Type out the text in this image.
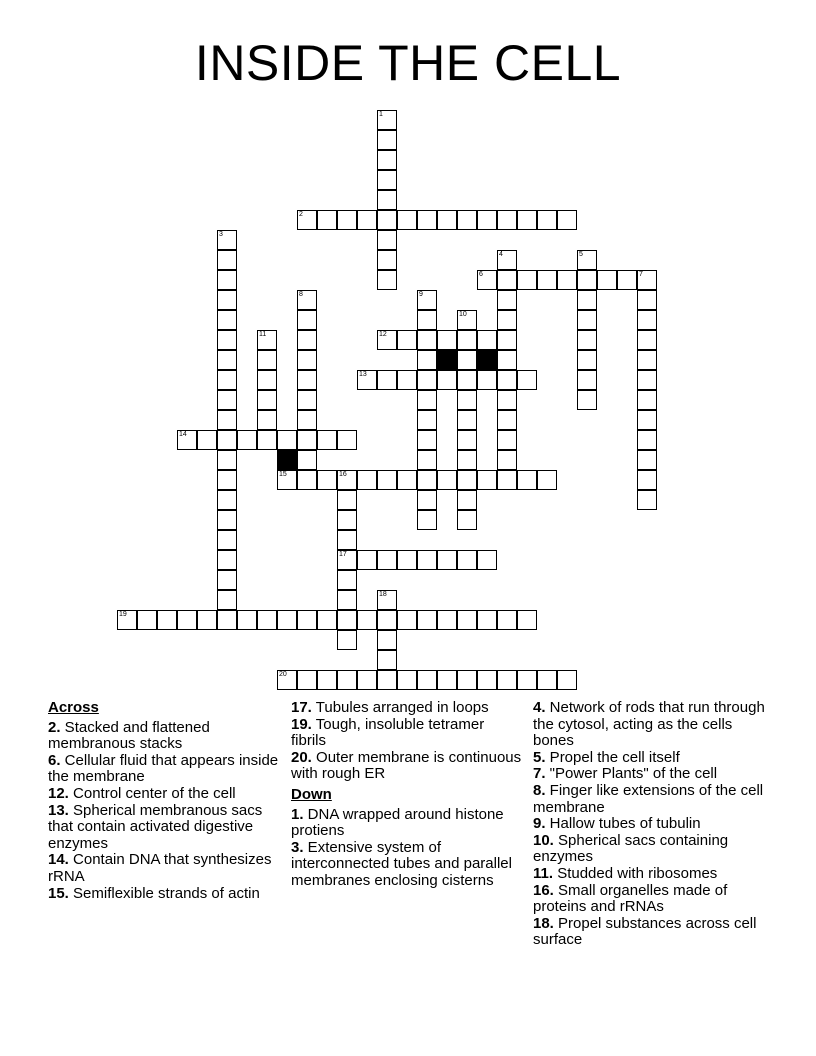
INSIDE THE CELL
1
2
3
4	5
6	7
8	9
10
11	12
13
14
15	16
17
18
19
20
Across
2. Stacked and flattened membranous stacks
6. Cellular fluid that appears inside the membrane
12. Control center of the cell
13. Spherical membranous sacs that contain activated digestive enzymes
14. Contain DNA that synthesizes rRNA
15. Semiflexible strands of actin
17. Tubules arranged in loops
19. Tough, insoluble tetramer fibrils
20. Outer membrane is continuous with rough ER
Down
1. DNA wrapped around histone protiens
3. Extensive system of interconnected tubes and parallel membranes enclosing cisterns
4. Network of rods that run through the cytosol, acting as the cells bones
5. Propel the cell itself
7. "Power Plants" of the cell
8. Finger like extensions of the cell membrane
9. Hallow tubes of tubulin
10. Spherical sacs containing enzymes
11. Studded with ribosomes
16. Small organelles made of proteins and rRNAs
18. Propel substances across cell surface
